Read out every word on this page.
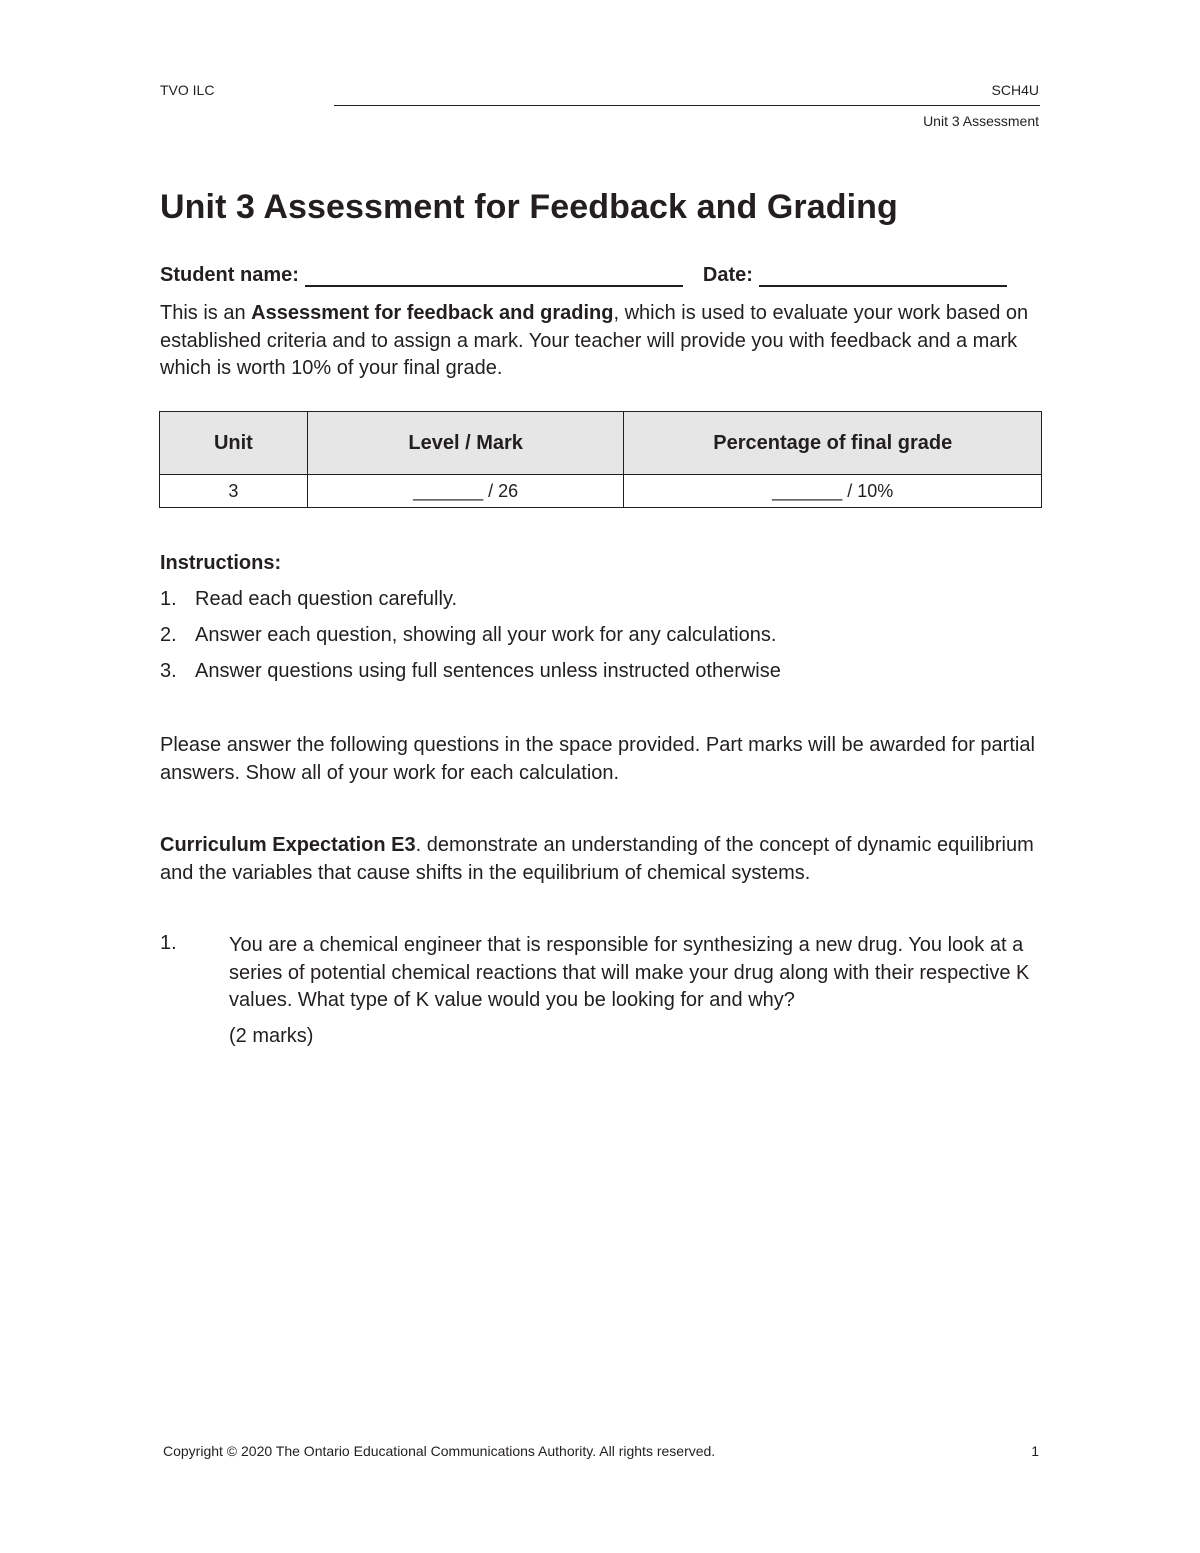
TVO ILC	SCH4U
Unit 3 Assessment
Unit 3 Assessment for Feedback and Grading
Student name:	Date:
This is an Assessment for feedback and grading, which is used to evaluate your work based on established criteria and to assign a mark. Your teacher will provide you with feedback and a mark which is worth 10% of your final grade.
Unit	Level / Mark	Percentage of final grade
3	_______ / 26	_______ / 10%
Instructions:
1. Read each question carefully.
2. Answer each question, showing all your work for any calculations.
3. Answer questions using full sentences unless instructed otherwise
Please answer the following questions in the space provided. Part marks will be awarded for partial answers. Show all of your work for each calculation.
Curriculum Expectation E3. demonstrate an understanding of the concept of dynamic equilibrium and the variables that cause shifts in the equilibrium of chemical systems.
1.	You are a chemical engineer that is responsible for synthesizing a new drug. You look at a series of potential chemical reactions that will make your drug along with their respective K values. What type of K value would you be looking for and why?
(2 marks)
Copyright © 2020 The Ontario Educational Communications Authority. All rights reserved.	1
